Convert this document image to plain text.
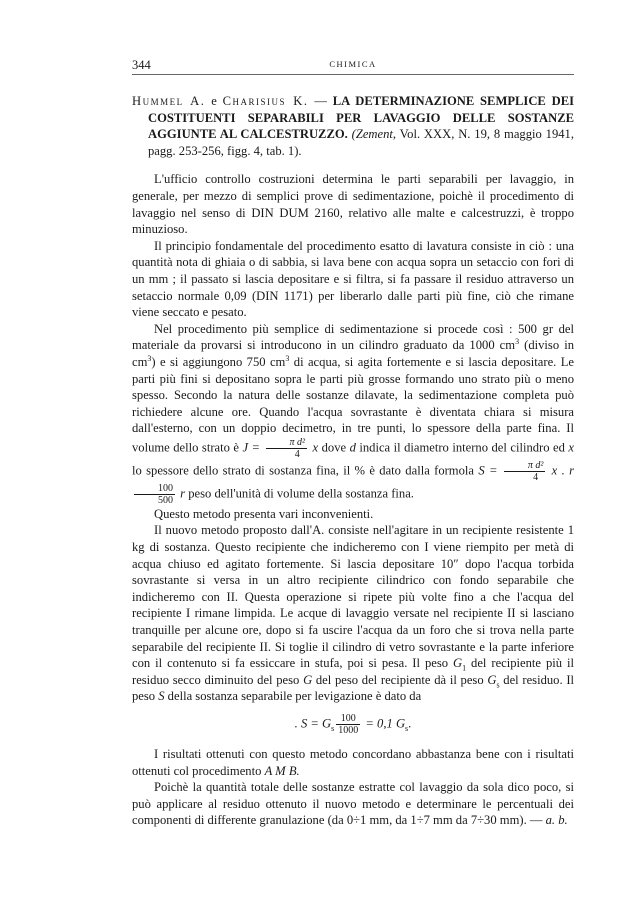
344	CHIMICA

Hummel A. e Charisius K. — LA DETERMINAZIONE SEMPLICE DEI COSTITUENTI SEPARABILI PER LAVAGGIO DELLE SOSTANZE AGGIUNTE AL CALCESTRUZZO. (Zement, Vol. XXX, N. 19, 8 maggio 1941, pagg. 253-256, figg. 4, tab. 1).

L'ufficio controllo costruzioni determina le parti separabili per lavaggio, in generale, per mezzo di semplici prove di sedimentazione, poichè il procedimento di lavaggio nel senso di DIN DUM 2160, relativo alle malte e calcestruzzi, è troppo minuzioso.

Il principio fondamentale del procedimento esatto di lavatura consiste in ciò : una quantità nota di ghiaia o di sabbia, si lava bene con acqua sopra un setaccio con fori di un mm ; il passato si lascia depositare e si filtra, si fa passare il residuo attraverso un setaccio normale 0,09 (DIN 1171) per liberarlo dalle parti più fine, ciò che rimane viene seccato e pesato.

Nel procedimento più semplice di sedimentazione si procede così : 500 gr del materiale da provarsi si introducono in un cilindro graduato da 1000 $cm^3$ (diviso in $cm^3$) e si aggiungono 750 $cm^3$ di acqua, si agita fortemente e si lascia depositare. Le parti più fini si depositano sopra le parti più grosse formando uno strato più o meno spesso. Secondo la natura delle sostanze dilavate, la sedimentazione completa può richiedere alcune ore. Quando l'acqua sovrastante è diventata chiara si misura dall'esterno, con un doppio decimetro, in tre punti, lo spessore della parte fina. Il volume dello strato è $J = \frac{\text{π d²}}{4}$ x dove d indica il diametro interno del cilindro ed x lo spessore dello strato di sostanza fina, il % è dato dalla formola $S = \frac{\text{π d²}}{4}$ x . r
$\frac{100}{500}$ r peso dell'unità di volume della sostanza fina.

Questo metodo presenta vari inconvenienti.

Il nuovo metodo proposto dall'A. consiste nell'agitare in un recipiente resistente 1 kg di sostanza. Questo recipiente che indicheremo con I viene riempito per metà di acqua chiuso ed agitato fortemente. Si lascia depositare 10″ dopo l'acqua torbida sovrastante si versa in un altro recipiente cilindrico con fondo separabile che indicheremo con II. Questa operazione si ripete più volte fino a che l'acqua del recipiente I rimane limpida. Le acque di lavaggio versate nel recipiente II si lasciano tranquille per alcune ore, dopo si fa uscire l'acqua da un foro che si trova nella parte separabile del recipiente II. Si toglie il cilindro di vetro sovrastante e la parte inferiore con il contenuto si fa essiccare in stufa, poi si pesa. Il peso $G_1$ del recipiente più il residuo secco diminuito del peso G del peso del recipiente dà il peso $G_s$ del residuo. Il peso S della sostanza separabile per levigazione è dato da

. $S = G_s \frac{100}{1000} = 0,1$ $G_s$.

I risultati ottenuti con questo metodo concordano abbastanza bene con i risultati ottenuti col procedimento A M B.

Poichè la quantità totale delle sostanze estratte col lavaggio da sola dico poco, si può applicare al residuo ottenuto il nuovo metodo e determinare le percentuali dei componenti di differente granulazione (da 0÷1 mm, da 1÷7 mm da 7÷30 mm). — a. b.
